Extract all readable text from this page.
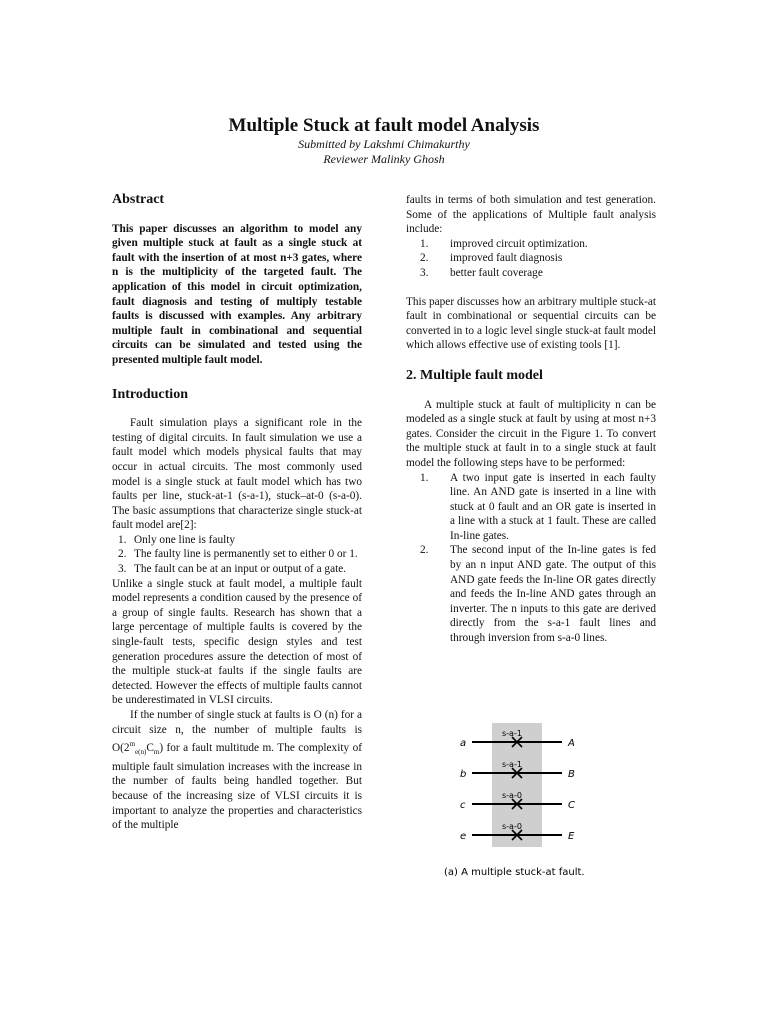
Multiple Stuck at fault model Analysis
Submitted by Lakshmi Chimakurthy
Reviewer Malinky Ghosh
Abstract

This paper discusses an algorithm to model any given multiple stuck at fault as a single stuck at fault with the insertion of at most n+3 gates, where n is the multiplicity of the targeted fault. The application of this model in circuit optimization, fault diagnosis and testing of multiply testable faults is discussed with examples. Any arbitrary multiple fault in combinational and sequential circuits can be simulated and tested using the presented multiple fault model.

Introduction

Fault simulation plays a significant role in the testing of digital circuits. In fault simulation we use a fault model which models physical faults that may occur in actual circuits. The most commonly used model is a single stuck at fault model which has two faults per line, stuck-at-1 (s-a-1), stuck–at-0 (s-a-0). The basic assumptions that characterize single stuck-at fault model are[2]:

1. Only one line is faulty
2. The faulty line is permanently set to either 0 or 1.
3. The fault can be at an input or output of a gate.

Unlike a single stuck at fault model, a multiple fault model represents a condition caused by the presence of a group of single faults. Research has shown that a large percentage of multiple faults is covered by the single-fault tests, specific design styles and test generation procedures assure the detection of most of the multiple stuck-at faults if the single faults are detected. However the effects of multiple faults cannot be underestimated in VLSI circuits.

If the number of single stuck at faults is O (n) for a circuit size n, the number of multiple faults is $O(2^m_{e(n)}C_m)$ for a fault multitude m. The complexity of multiple fault simulation increases with the increase in the number of faults being handled together. But because of the increasing size of VLSI circuits it is important to analyze the properties and characteristics of the multiple

faults in terms of both simulation and test generation. Some of the applications of Multiple fault analysis include:

1. improved circuit optimization.
2. improved fault diagnosis
3. better fault coverage

This paper discusses how an arbitrary multiple stuck-at fault in combinational or sequential circuits can be converted in to a logic level single stuck-at fault model which allows effective use of existing tools [1].

2. Multiple fault model

A multiple stuck at fault of multiplicity n can be modeled as a single stuck at fault by using at most n+3 gates. Consider the circuit in the Figure 1. To convert the multiple stuck at fault in to a single stuck at fault model the following steps have to be performed:

1. A two input gate is inserted in each faulty line. An AND gate is inserted in a line with stuck at 0 fault and an OR gate is inserted in a line with a stuck at 1 fault. These are called In-line gates.
2. The second input of the In-line gates is fed by an n input AND gate. The output of this AND gate feeds the In-line OR gates directly and feeds the In-line AND gates through an inverter. The n inputs to this gate are derived directly from the s-a-1 fault lines and through inversion from s-a-0 lines.
a	A
s-a-1
b	B
s-a-1
c	C
s-a-0
e	E
s-a-0
(a) A multiple stuck-at fault.
